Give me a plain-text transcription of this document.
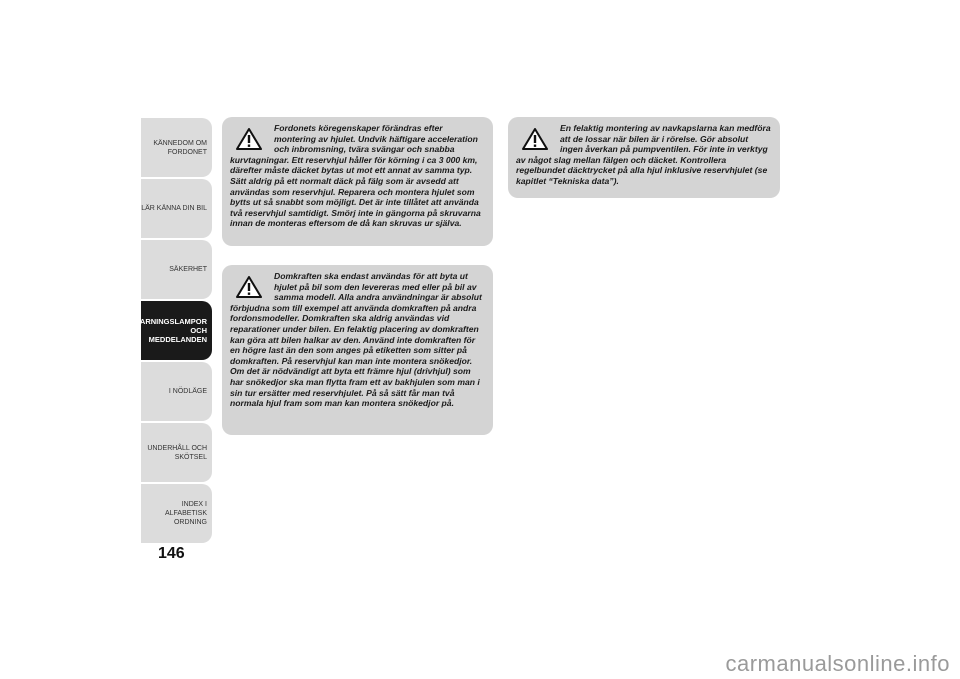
KÄNNEDOM OM FORDONET
LÄR KÄNNA DIN BIL
SÄKERHET
VARNINGSLAMPOR OCH MEDDELANDEN
I NÖDLÄGE
UNDERHÅLL OCH SKÖTSEL
INDEX I ALFABETISK ORDNING
146
Fordonets köregenskaper förändras efter montering av hjulet. Undvik häftigare acceleration och inbromsning, tvära svängar och snabba kurvtagningar. Ett reservhjul håller för körning i ca 3 000 km, därefter måste däcket bytas ut mot ett annat av samma typ. Sätt aldrig på ett normalt däck på fälg som är avsedd att användas som reservhjul. Reparera och montera hjulet som bytts ut så snabbt som möjligt. Det är inte tillåtet att använda två reservhjul samtidigt. Smörj inte in gängorna på skruvarna innan de monteras eftersom de då kan skruvas ur själva.
Domkraften ska endast användas för att byta ut hjulet på bil som den levereras med eller på bil av samma modell. Alla andra användningar är absolut förbjudna som till exempel att använda domkraften på andra fordonsmodeller. Domkraften ska aldrig användas vid reparationer under bilen. En felaktig placering av domkraften kan göra att bilen halkar av den. Använd inte domkraften för en högre last än den som anges på etiketten som sitter på domkraften. På reservhjul kan man inte montera snökedjor. Om det är nödvändigt att byta ett främre hjul (drivhjul) som har snökedjor ska man flytta fram ett av bakhjulen som man i sin tur ersätter med reservhjulet. På så sätt får man två normala hjul fram som man kan montera snökedjor på.
En felaktig montering av navkapslarna kan medföra att de lossar när bilen är i rörelse. Gör absolut ingen åverkan på pumpventilen. För inte in verktyg av något slag mellan fälgen och däcket. Kontrollera regelbundet däcktrycket på alla hjul inklusive reservhjulet (se kapitlet “Tekniska data”).
carmanualsonline.info
